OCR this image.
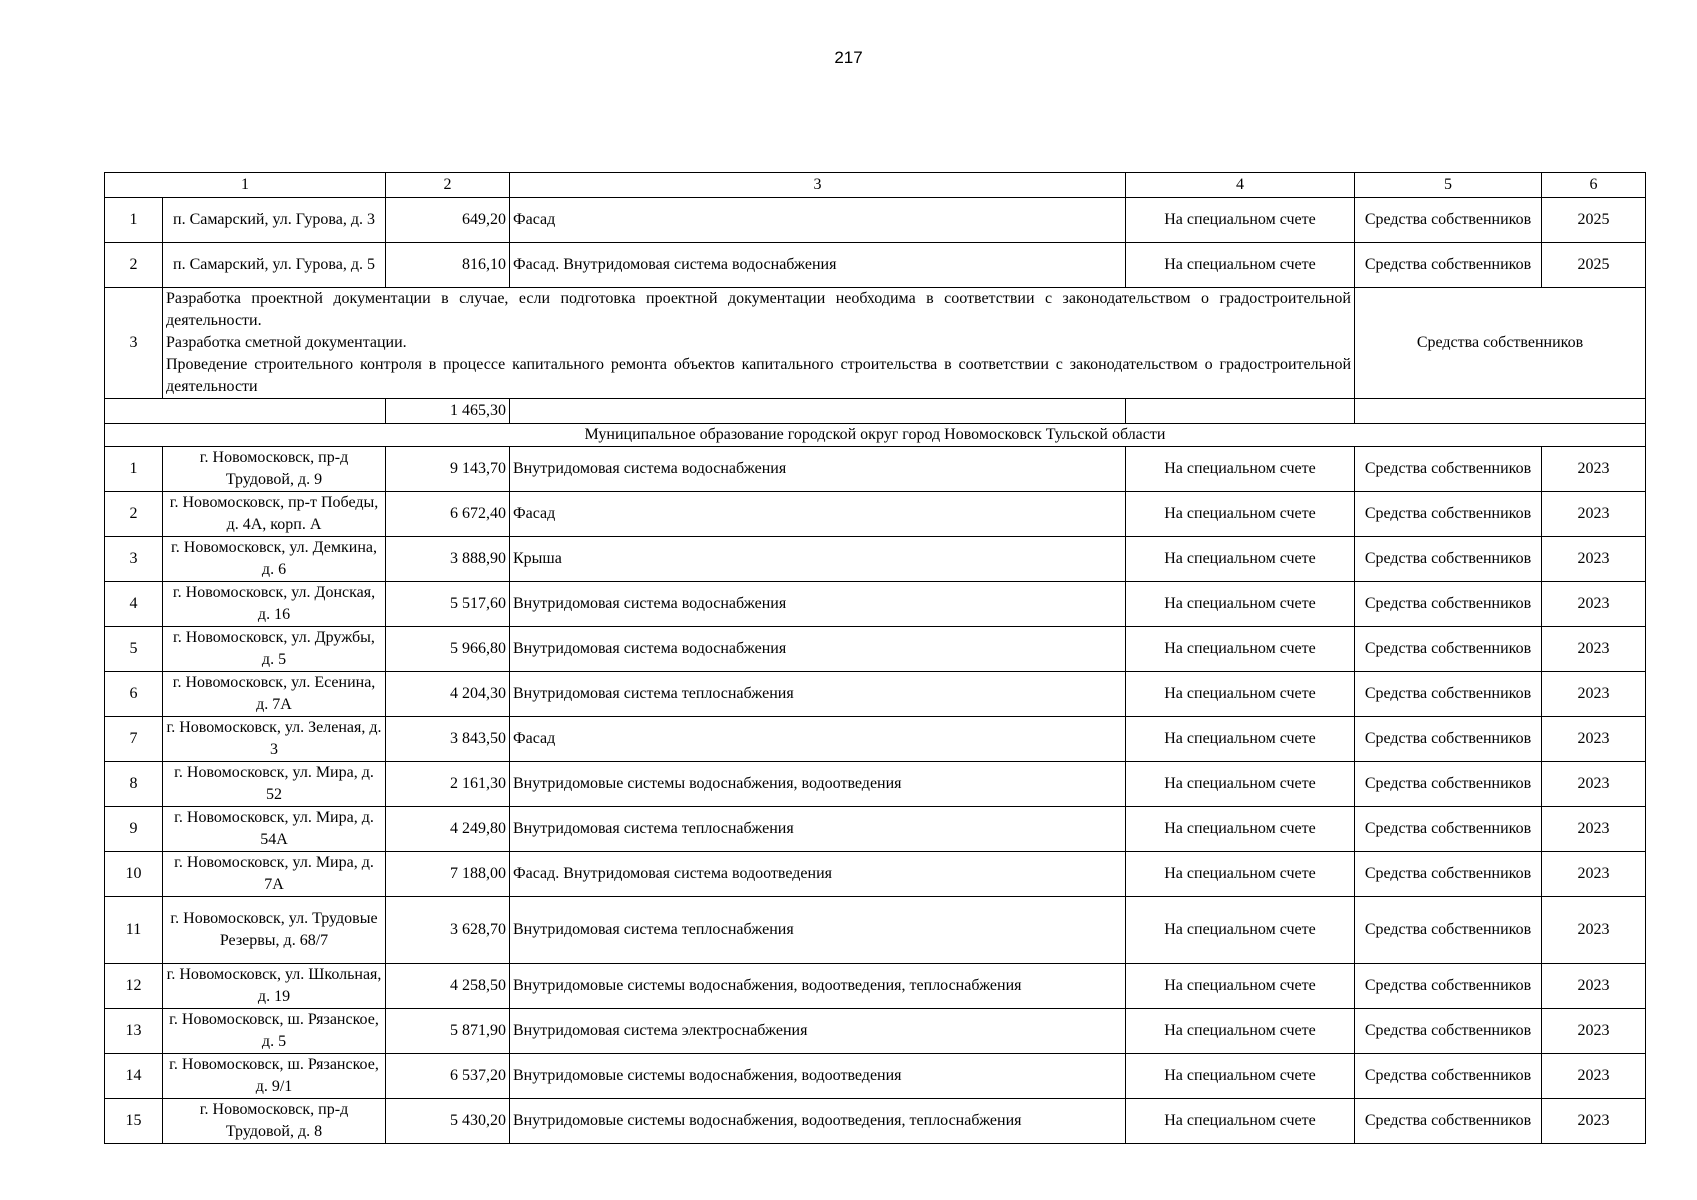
217
1		2	3	4	5	6
1	п. Самарский, ул. Гурова, д. 3	649,20	Фасад	На специальном счете	Средства собственников	2025
2	п. Самарский, ул. Гурова, д. 5	816,10	Фасад. Внутридомовая система водоснабжения	На специальном счете	Средства собственников	2025
3	Разработка проектной документации в случае, если подготовка проектной документации необходима в соответствии с законодательством о градостроительной деятельности.
Разработка сметной документации.
Проведение строительного контроля в процессе капитального ремонта объектов капитального строительства в соответствии с законодательством о градостроительной деятельности				Средства собственников	
		1 465,30				
Муниципальное образование городской округ город Новомосковск Тульской области						
1	г. Новомосковск, пр-д Трудовой, д. 9	9 143,70	Внутридомовая система водоснабжения	На специальном счете	Средства собственников	2023
2	г. Новомосковск, пр-т Победы, д. 4А, корп. А	6 672,40	Фасад	На специальном счете	Средства собственников	2023
3	г. Новомосковск, ул. Демкина, д. 6	3 888,90	Крыша	На специальном счете	Средства собственников	2023
4	г. Новомосковск, ул. Донская, д. 16	5 517,60	Внутридомовая система водоснабжения	На специальном счете	Средства собственников	2023
5	г. Новомосковск, ул. Дружбы, д. 5	5 966,80	Внутридомовая система водоснабжения	На специальном счете	Средства собственников	2023
6	г. Новомосковск, ул. Есенина, д. 7А	4 204,30	Внутридомовая система теплоснабжения	На специальном счете	Средства собственников	2023
7	г. Новомосковск, ул. Зеленая, д. 3	3 843,50	Фасад	На специальном счете	Средства собственников	2023
8	г. Новомосковск, ул. Мира, д. 52	2 161,30	Внутридомовые системы водоснабжения, водоотведения	На специальном счете	Средства собственников	2023
9	г. Новомосковск, ул. Мира, д. 54А	4 249,80	Внутридомовая система теплоснабжения	На специальном счете	Средства собственников	2023
10	г. Новомосковск, ул. Мира, д. 7А	7 188,00	Фасад. Внутридомовая система водоотведения	На специальном счете	Средства собственников	2023
11	г. Новомосковск, ул. Трудовые Резервы, д. 68/7	3 628,70	Внутридомовая система теплоснабжения	На специальном счете	Средства собственников	2023
12	г. Новомосковск, ул. Школьная, д. 19	4 258,50	Внутридомовые системы водоснабжения, водоотведения, теплоснабжения	На специальном счете	Средства собственников	2023
13	г. Новомосковск, ш. Рязанское, д. 5	5 871,90	Внутридомовая система электроснабжения	На специальном счете	Средства собственников	2023
14	г. Новомосковск, ш. Рязанское, д. 9/1	6 537,20	Внутридомовые системы водоснабжения, водоотведения	На специальном счете	Средства собственников	2023
15	г. Новомосковск, пр-д Трудовой, д. 8	5 430,20	Внутридомовые системы водоснабжения, водоотведения, теплоснабжения	На специальном счете	Средства собственников	2023
